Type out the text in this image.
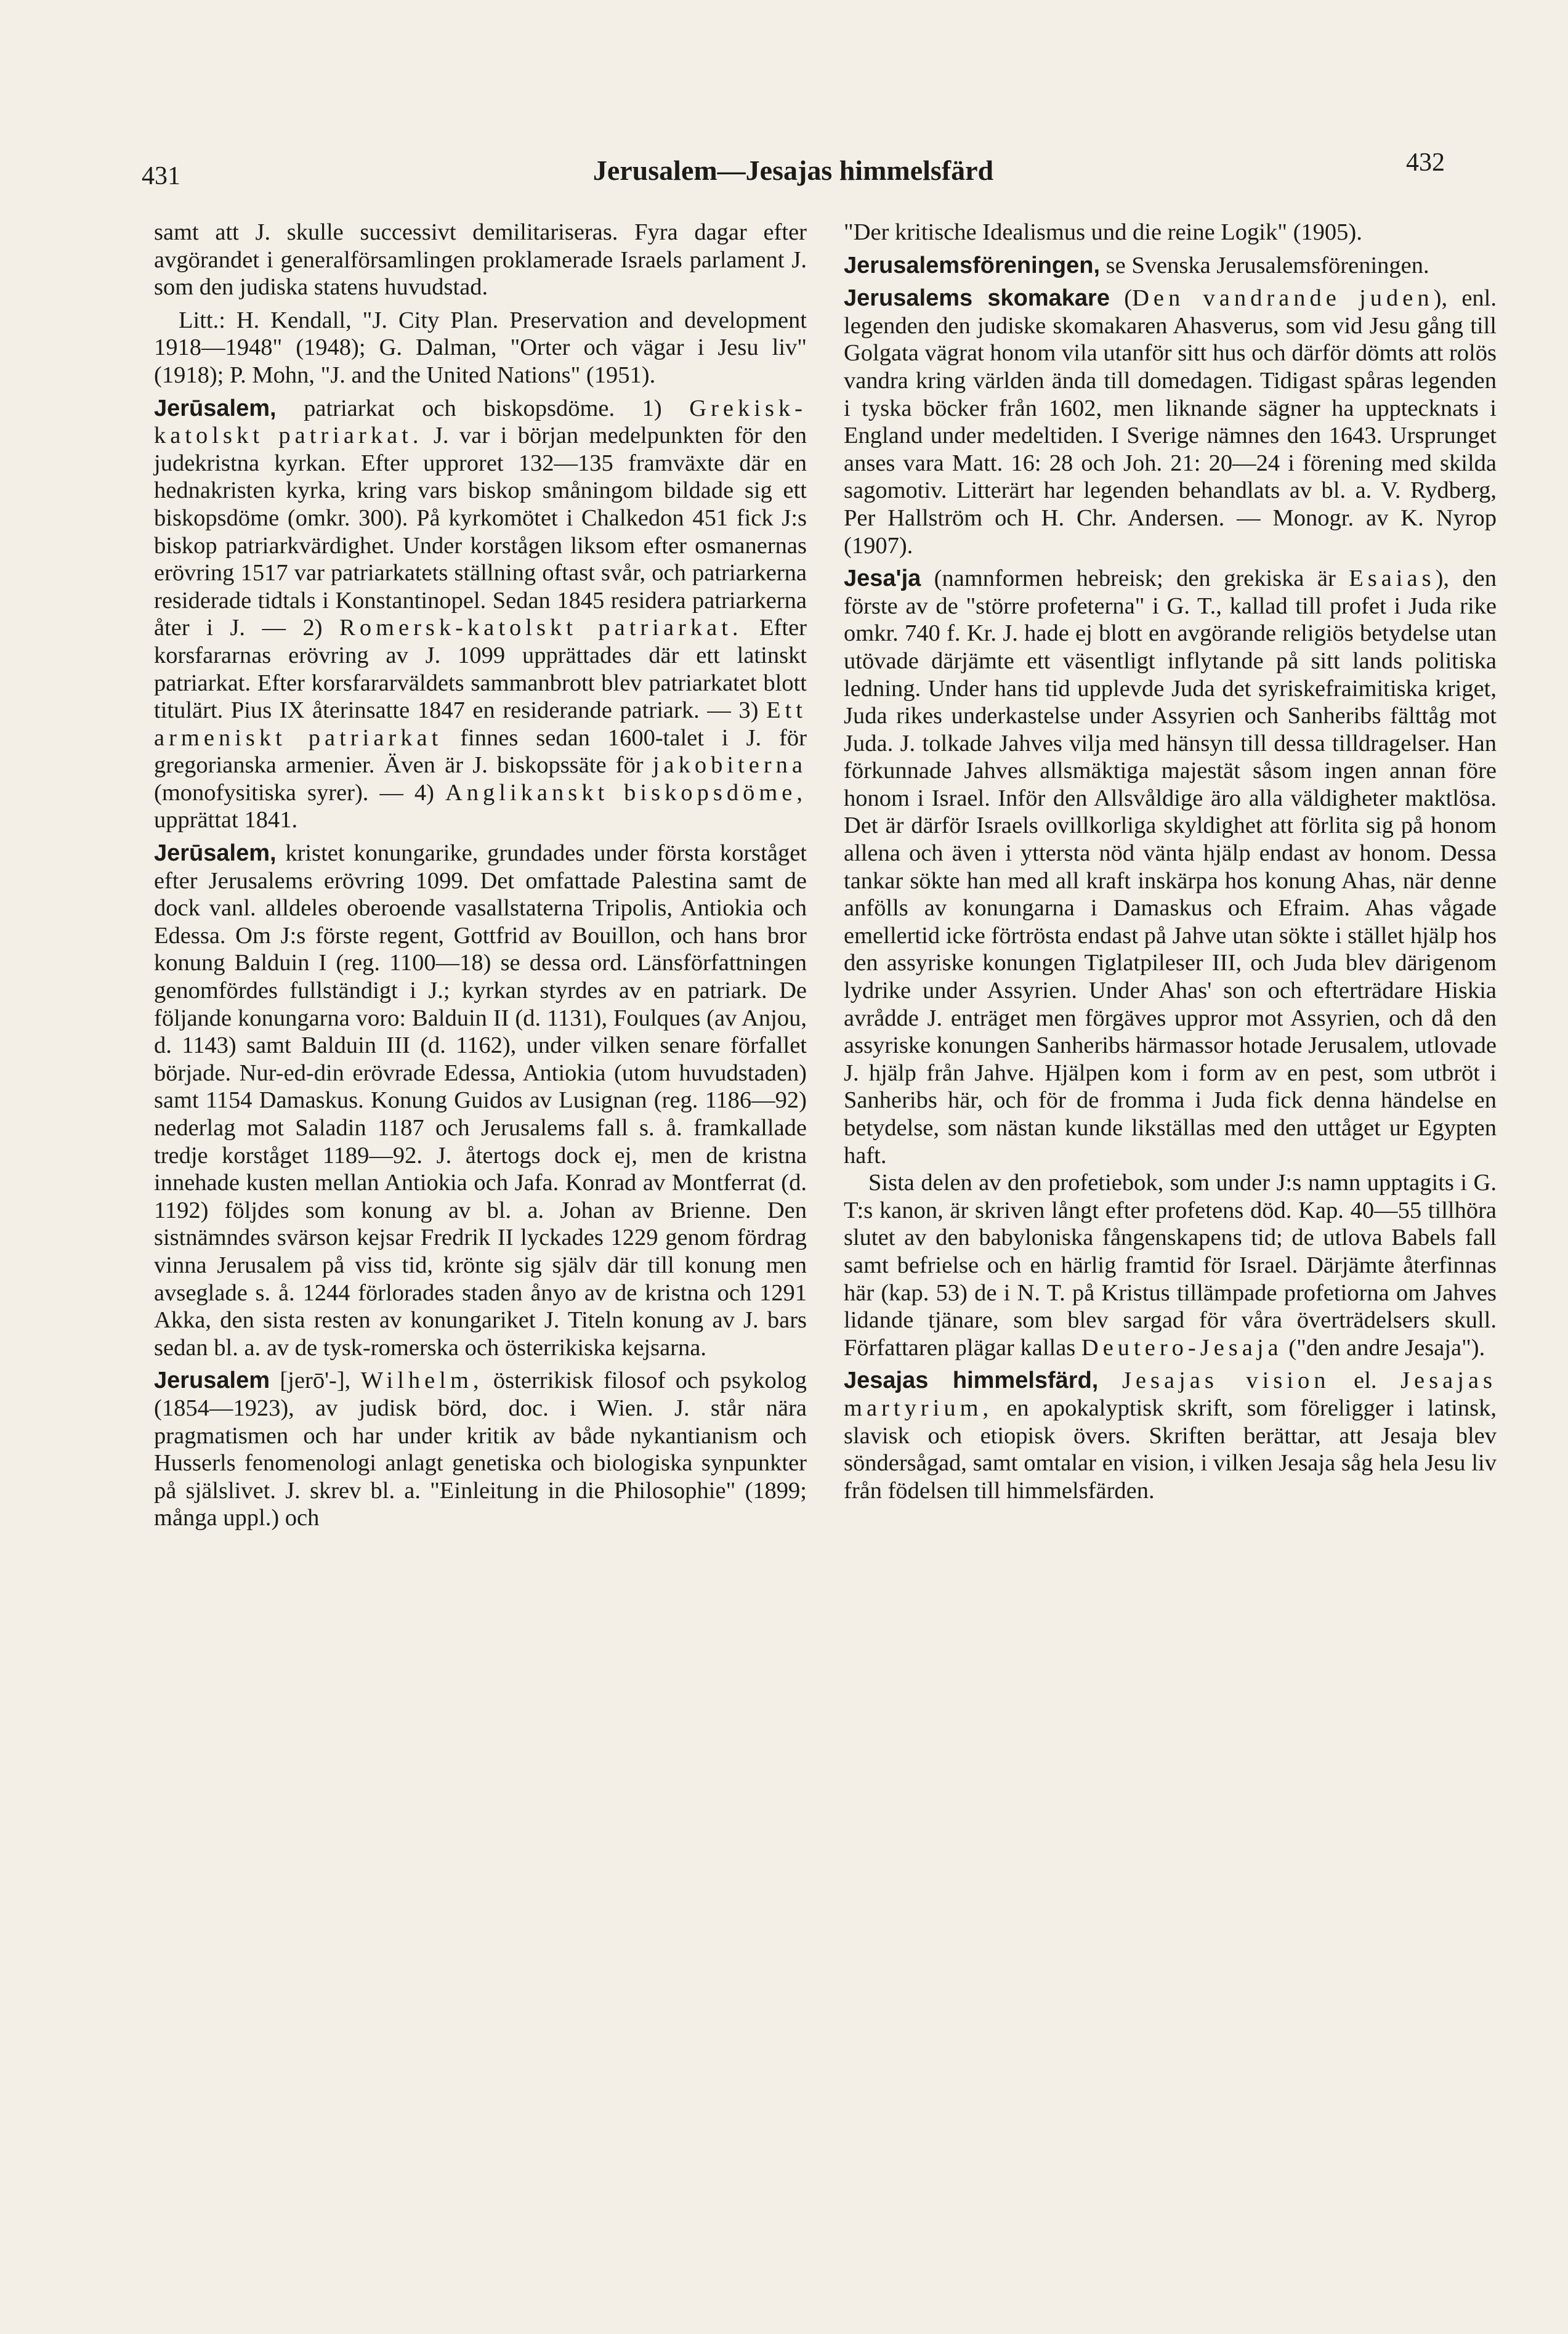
431	Jerusalem—Jesajas himmelsfärd	432

samt att J. skulle successivt demilitariseras. Fyra dagar efter avgörandet i generalförsamlingen proklamerade Israels parlament J. som den judiska statens huvudstad.

Litt.: H. Kendall, "J. City Plan. Preservation and development 1918—1948" (1948); G. Dalman, "Orter och vägar i Jesu liv" (1918); P. Mohn, "J. and the United Nations" (1951).

Jerūsalem, patriarkat och biskopsdöme. 1) Grekisk-katolskt patriarkat. J. var i början medelpunkten för den judekristna kyrkan. Efter upproret 132—135 framväxte där en hednakristen kyrka, kring vars biskop småningom bildade sig ett biskopsdöme (omkr. 300). På kyrkomötet i Chalkedon 451 fick J:s biskop patriarkvärdighet. Under korstågen liksom efter osmanernas erövring 1517 var patriarkatets ställning oftast svår, och patriarkerna residerade tidtals i Konstantinopel. Sedan 1845 residera patriarkerna åter i J. — 2) Romersk-katolskt patriarkat. Efter korsfararnas erövring av J. 1099 upprättades där ett latinskt patriarkat. Efter korsfararväldets sammanbrott blev patriarkatet blott titulärt. Pius IX återinsatte 1847 en residerande patriark. — 3) Ett armeniskt patriarkat finnes sedan 1600-talet i J. för gregorianska armenier. Även är J. biskopssäte för jakobiterna (monofysitiska syrer). — 4) Anglikanskt biskopsdöme, upprättat 1841.

Jerūsalem, kristet konungarike, grundades under första korståget efter Jerusalems erövring 1099. Det omfattade Palestina samt de dock vanl. alldeles oberoende vasallstaterna Tripolis, Antiokia och Edessa. Om J:s förste regent, Gottfrid av Bouillon, och hans bror konung Balduin I (reg. 1100—18) se dessa ord. Länsförfattningen genomfördes fullständigt i J.; kyrkan styrdes av en patriark. De följande konungarna voro: Balduin II (d. 1131), Foulques (av Anjou, d. 1143) samt Balduin III (d. 1162), under vilken senare förfallet började. Nur-ed-din erövrade Edessa, Antiokia (utom huvudstaden) samt 1154 Damaskus. Konung Guidos av Lusignan (reg. 1186—92) nederlag mot Saladin 1187 och Jerusalems fall s. å. framkallade tredje korståget 1189—92. J. återtogs dock ej, men de kristna innehade kusten mellan Antiokia och Jafa. Konrad av Montferrat (d. 1192) följdes som konung av bl. a. Johan av Brienne. Den sistnämndes svärson kejsar Fredrik II lyckades 1229 genom fördrag vinna Jerusalem på viss tid, krönte sig själv där till konung men avseglade s. å. 1244 förlorades staden ånyo av de kristna och 1291 Akka, den sista resten av konungariket J. Titeln konung av J. bars sedan bl. a. av de tysk-romerska och österrikiska kejsarna.

Jerusalem [jerō'-], Wilhelm, österrikisk filosof och psykolog (1854—1923), av judisk börd, doc. i Wien. J. står nära pragmatismen och har under kritik av både nykantianism och Husserls fenomenologi anlagt genetiska och biologiska synpunkter på själslivet. J. skrev bl. a. "Einleitung in die Philosophie" (1899; många uppl.) och

"Der kritische Idealismus und die reine Logik" (1905).

Jerusalemsföreningen, se Svenska Jerusalemsföreningen.

Jerusalems skomakare (Den vandrande juden), enl. legenden den judiske skomakaren Ahasverus, som vid Jesu gång till Golgata vägrat honom vila utanför sitt hus och därför dömts att rolös vandra kring världen ända till domedagen. Tidigast spåras legenden i tyska böcker från 1602, men liknande sägner ha upptecknats i England under medeltiden. I Sverige nämnes den 1643. Ursprunget anses vara Matt. 16: 28 och Joh. 21: 20—24 i förening med skilda sagomotiv. Litterärt har legenden behandlats av bl. a. V. Rydberg, Per Hallström och H. Chr. Andersen. — Monogr. av K. Nyrop (1907).

Jesa'ja (namnformen hebreisk; den grekiska är Esaias), den förste av de "större profeterna" i G. T., kallad till profet i Juda rike omkr. 740 f. Kr. J. hade ej blott en avgörande religiös betydelse utan utövade därjämte ett väsentligt inflytande på sitt lands politiska ledning. Under hans tid upplevde Juda det syriskefraimitiska kriget, Juda rikes underkastelse under Assyrien och Sanheribs fälttåg mot Juda. J. tolkade Jahves vilja med hänsyn till dessa tilldragelser. Han förkunnade Jahves allsmäktiga majestät såsom ingen annan före honom i Israel. Inför den Allsvåldige äro alla väldigheter maktlösa. Det är därför Israels ovillkorliga skyldighet att förlita sig på honom allena och även i yttersta nöd vänta hjälp endast av honom. Dessa tankar sökte han med all kraft inskärpa hos konung Ahas, när denne anfölls av konungarna i Damaskus och Efraim. Ahas vågade emellertid icke förtrösta endast på Jahve utan sökte i stället hjälp hos den assyriske konungen Tiglatpileser III, och Juda blev därigenom lydrike under Assyrien. Under Ahas' son och efterträdare Hiskia avrådde J. enträget men förgäves uppror mot Assyrien, och då den assyriske konungen Sanheribs härmassor hotade Jerusalem, utlovade J. hjälp från Jahve. Hjälpen kom i form av en pest, som utbröt i Sanheribs här, och för de fromma i Juda fick denna händelse en betydelse, som nästan kunde likställas med den uttåget ur Egypten haft.

Sista delen av den profetiebok, som under J:s namn upptagits i G. T:s kanon, är skriven långt efter profetens död. Kap. 40—55 tillhöra slutet av den babyloniska fångenskapens tid; de utlova Babels fall samt befrielse och en härlig framtid för Israel. Därjämte återfinnas här (kap. 53) de i N. T. på Kristus tillämpade profetiorna om Jahves lidande tjänare, som blev sargad för våra överträdelsers skull. Författaren plägar kallas Deutero-Jesaja ("den andre Jesaja").

Jesajas himmelsfärd, Jesajas vision el. Jesajas martyrium, en apokalyptisk skrift, som föreligger i latinsk, slavisk och etiopisk övers. Skriften berättar, att Jesaja blev söndersågad, samt omtalar en vision, i vilken Jesaja såg hela Jesu liv från födelsen till himmelsfärden.
